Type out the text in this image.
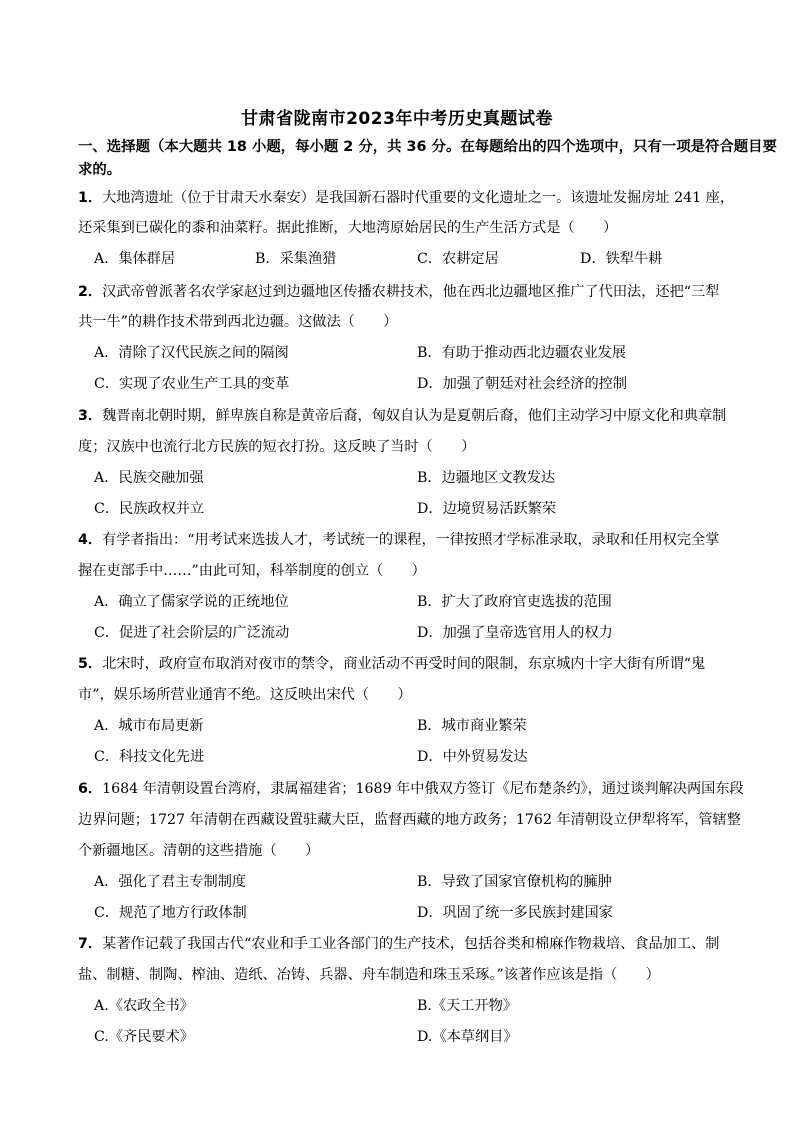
甘肃省陇南市2023年中考历史真题试卷
一、选择题（本大题共 18 小题，每小题 2 分，共 36 分。在每题给出的四个选项中，只有一项是符合题目要求的。
1．大地湾遗址（位于甘肃天水秦安）是我国新石器时代重要的文化遗址之一。该遗址发掘房址 241 座，
还采集到已碳化的黍和油菜籽。据此推断，大地湾原始居民的生产生活方式是（　　）
A．集体群居	B．采集渔猎	C．农耕定居	D．铁犁牛耕
2．汉武帝曾派著名农学家赵过到边疆地区传播农耕技术，他在西北边疆地区推广了代田法，还把“三犁
共一牛”的耕作技术带到西北边疆。这做法（　　）
A．清除了汉代民族之间的隔阂	B．有助于推动西北边疆农业发展
C．实现了农业生产工具的变革	D．加强了朝廷对社会经济的控制
3．魏晋南北朝时期，鲜卑族自称是黄帝后裔，匈奴自认为是夏朝后裔，他们主动学习中原文化和典章制
度；汉族中也流行北方民族的短衣打扮。这反映了当时（　　）
A．民族交融加强	B．边疆地区文教发达
C．民族政权并立	D．边境贸易活跃繁荣
4．有学者指出：“用考试来选拔人才，考试统一的课程，一律按照才学标准录取，录取和任用权完全掌
握在吏部手中……”由此可知，科举制度的创立（　　）
A．确立了儒家学说的正统地位	B．扩大了政府官吏选拔的范围
C．促进了社会阶层的广泛流动	D．加强了皇帝选官用人的权力
5．北宋时，政府宣布取消对夜市的禁令，商业活动不再受时间的限制，东京城内十字大街有所谓“鬼
市”，娱乐场所营业通宵不绝。这反映出宋代（　　）
A．城市布局更新	B．城市商业繁荣
C．科技文化先进	D．中外贸易发达
6．1684 年清朝设置台湾府，隶属福建省；1689 年中俄双方签订《尼布楚条约》，通过谈判解决两国东段
边界问题；1727 年清朝在西藏设置驻藏大臣，监督西藏的地方政务；1762 年清朝设立伊犁将军，管辖整
个新疆地区。清朝的这些措施（　　）
A．强化了君主专制制度	B．导致了国家官僚机构的臃肿
C．规范了地方行政体制	D．巩固了统一多民族封建国家
7．某著作记载了我国古代“农业和手工业各部门的生产技术，包括谷类和棉麻作物栽培、食品加工、制
盐、制糖、制陶、榨油、造纸、冶铸、兵器、舟车制造和珠玉采琢。”该著作应该是指（　　）
A.《农政全书》	B.《天工开物》
C.《齐民要术》	D.《本草纲目》
